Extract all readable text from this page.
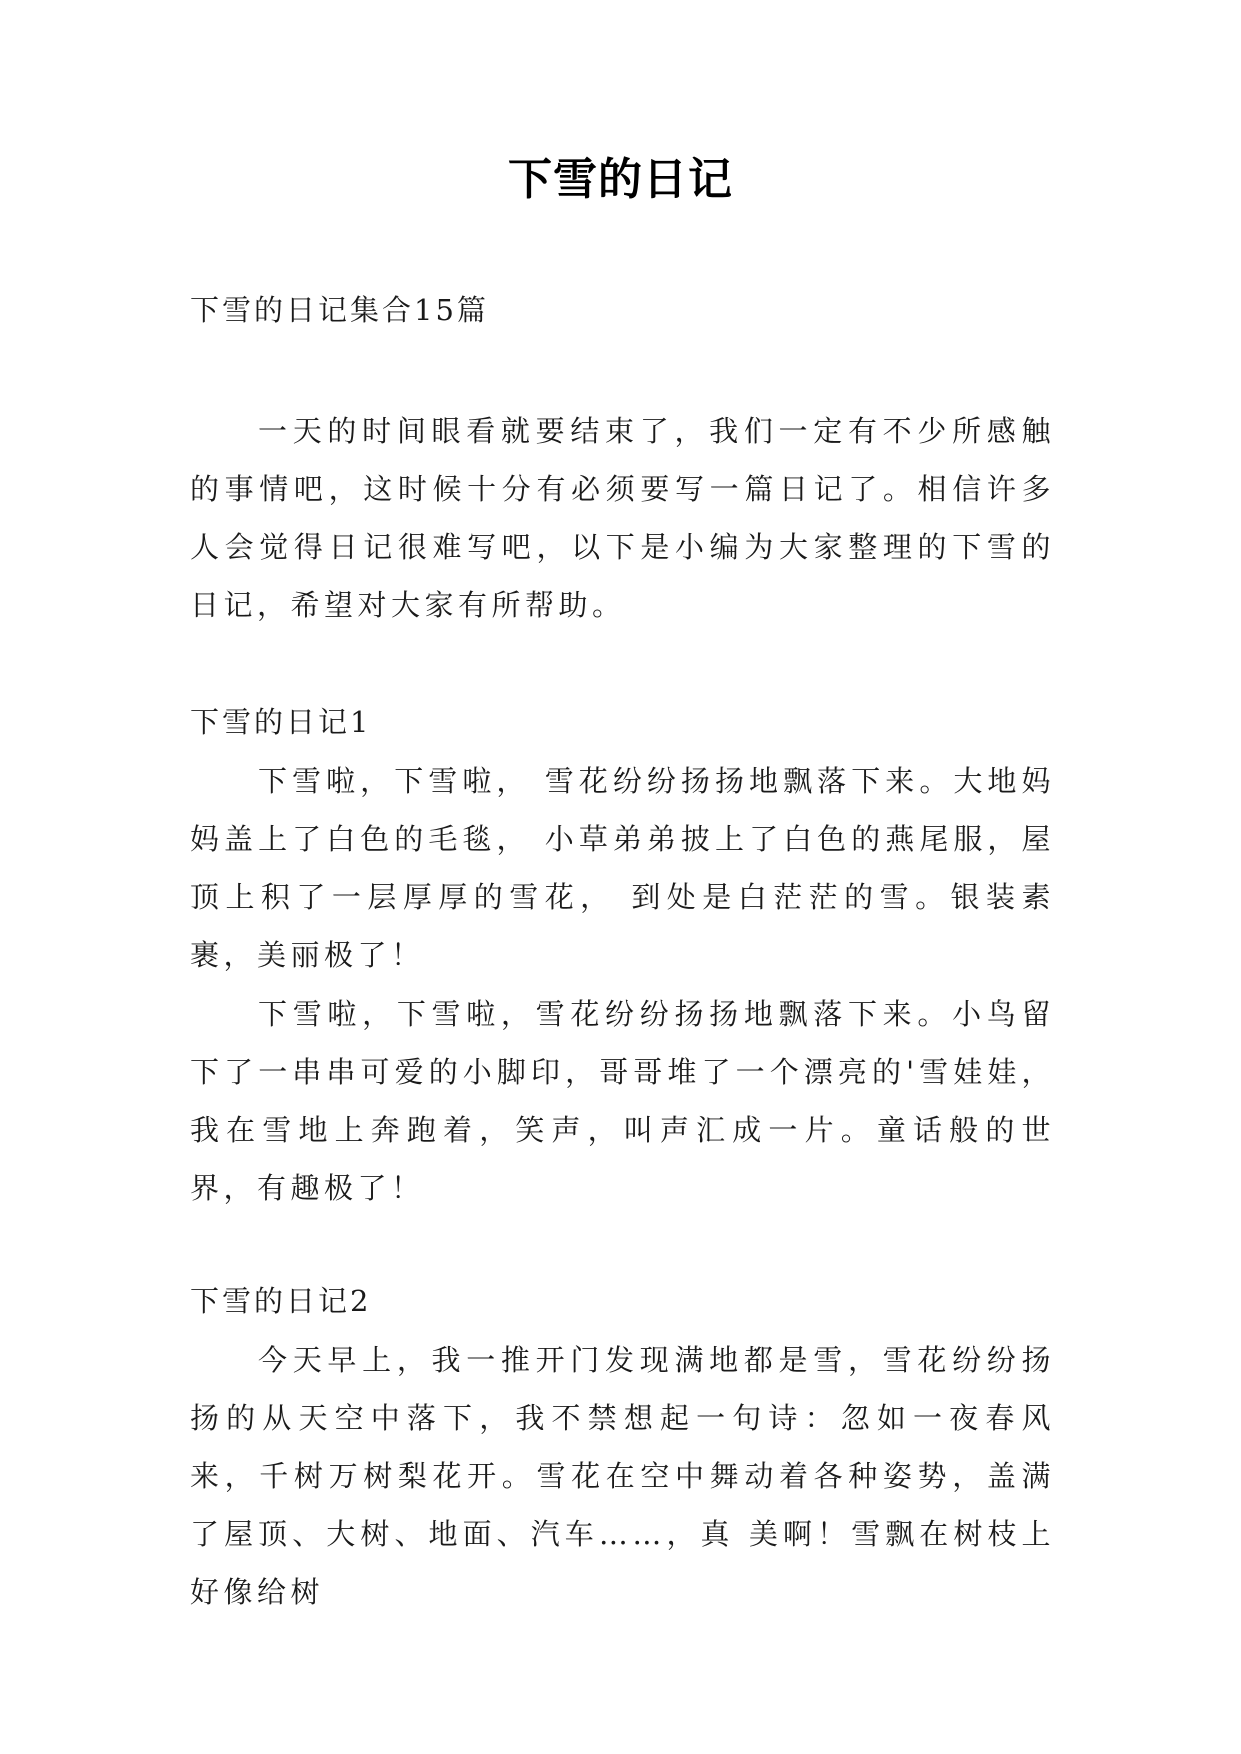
下雪的日记
下雪的日记集合15篇

一天的时间眼看就要结束了，我们一定有不少所感触的事情吧，这时候十分有必须要写一篇日记了。相信许多人会觉得日记很难写吧，以下是小编为大家整理的下雪的日记，希望对大家有所帮助。

下雪的日记1

下雪啦，下雪啦， 雪花纷纷扬扬地飘落下来。大地妈妈盖上了白色的毛毯， 小草弟弟披上了白色的燕尾服，屋顶上积了一层厚厚的雪花， 到处是白茫茫的雪。银装素裹，美丽极了！

下雪啦，下雪啦，雪花纷纷扬扬地飘落下来。小鸟留下了一串串可爱的小脚印，哥哥堆了一个漂亮的'雪娃娃，我在雪地上奔跑着，笑声，叫声汇成一片。童话般的世界，有趣极了！

下雪的日记2

今天早上，我一推开门发现满地都是雪，雪花纷纷扬扬的从天空中落下，我不禁想起一句诗：忽如一夜春风来，千树万树梨花开。雪花在空中舞动着各种姿势，盖满了屋顶、大树、地面、汽车……，真 美啊！雪飘在树枝上好像给树
